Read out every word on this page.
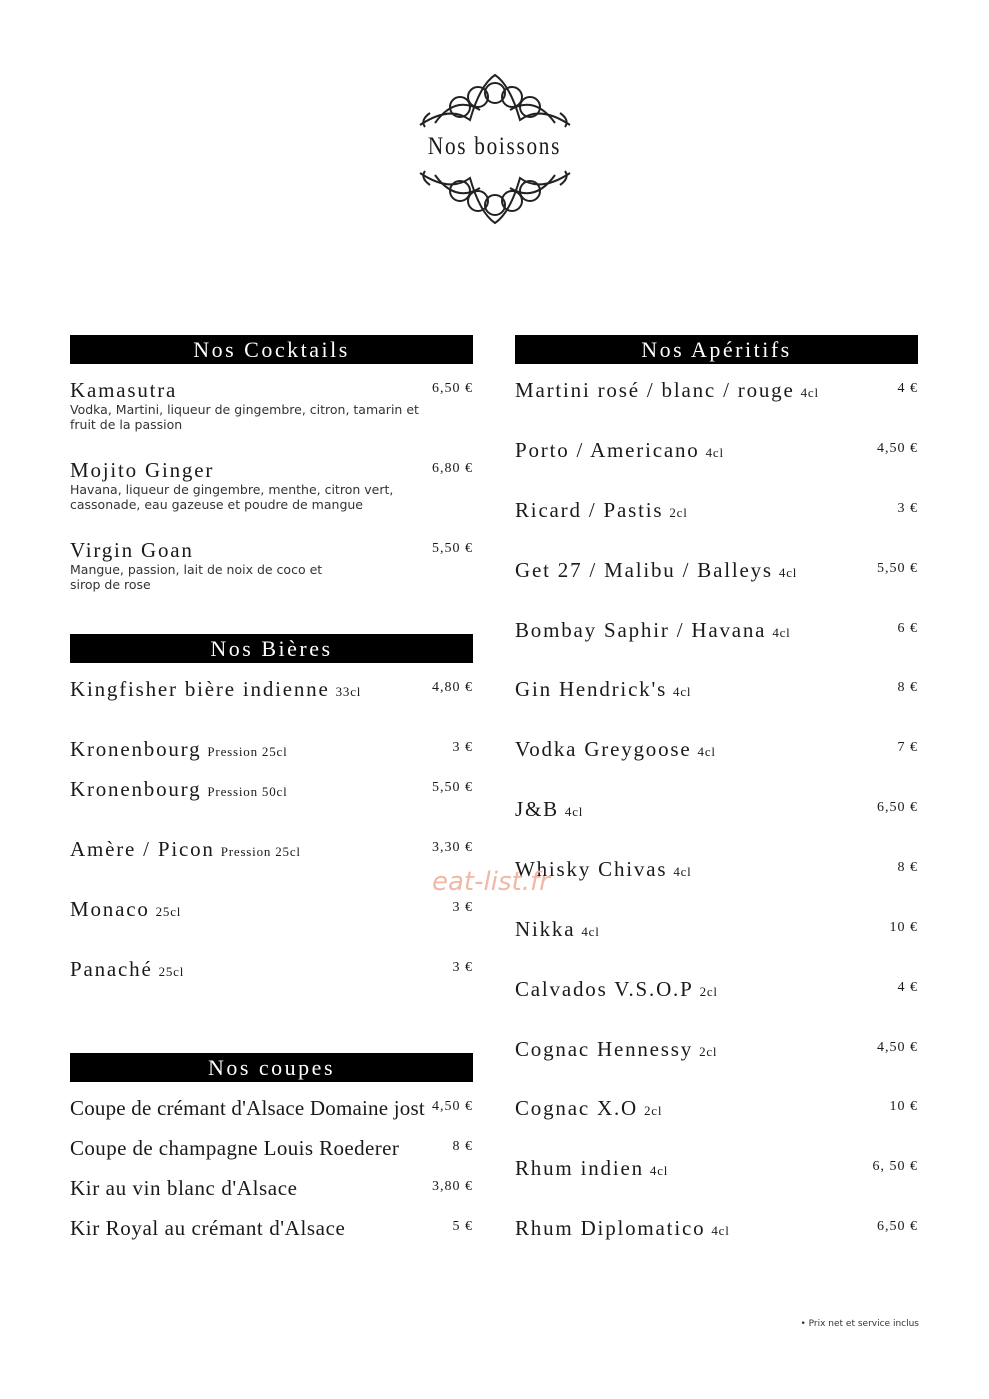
Nos boissons
Nos Cocktails
Kamasutra	6,50 €
Vodka, Martini, liqueur de gingembre, citron, tamarin et fruit de la passion
Mojito Ginger	6,80 €
Havana, liqueur de gingembre, menthe, citron vert, cassonade, eau gazeuse et poudre de mangue
Virgin Goan	5,50 €
Mangue, passion, lait de noix de coco et sirop de rose
Nos Bières
Kingfisher bière indienne 33cl	4,80 €
Kronenbourg Pression 25cl	3 €
Kronenbourg Pression 50cl	5,50 €
Amère / Picon Pression 25cl	3,30 €
Monaco 25cl	3 €
Panaché 25cl	3 €
Nos coupes
Coupe de crémant d'Alsace Domaine jost 4,50 €
Coupe de champagne Louis Roederer	8 €
Kir au vin blanc d'Alsace	3,80 €
Kir Royal au crémant d'Alsace	5 €
Nos Apéritifs
Martini rosé / blanc / rouge 4cl	4 €
Porto / Americano 4cl	4,50 €
Ricard / Pastis 2cl	3 €
Get 27 / Malibu / Balleys 4cl	5,50 €
Bombay Saphir / Havana 4cl	6 €
Gin Hendrick's 4cl	8 €
Vodka Greygoose 4cl	7 €
J&B 4cl	6,50 €
Whisky Chivas 4cl	8 €
Nikka 4cl	10 €
Calvados V.S.O.P 2cl	4 €
Cognac Hennessy 2cl	4,50 €
Cognac X.O 2cl	10 €
Rhum indien 4cl	6, 50 €
Rhum Diplomatico 4cl	6,50 €
eat-list.fr
• Prix net et service inclus
